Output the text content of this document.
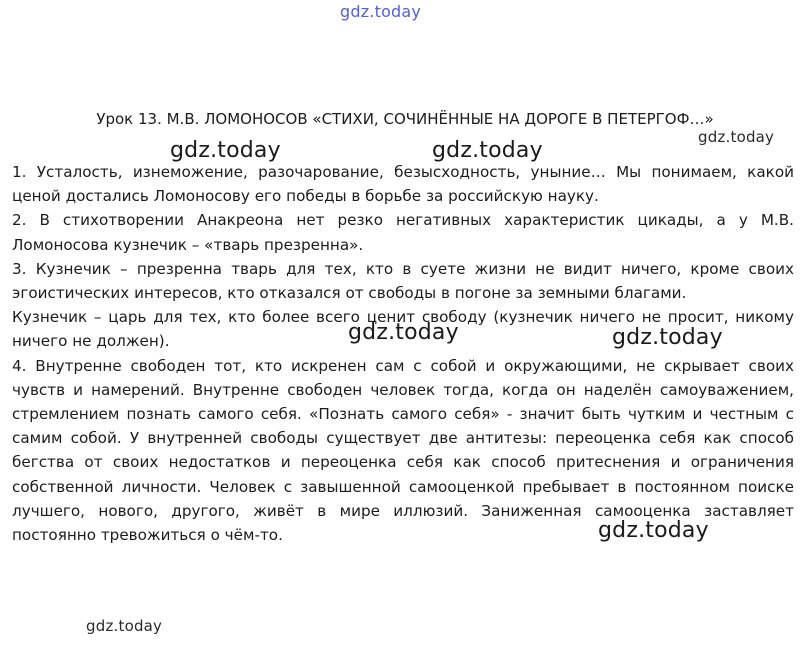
gdz.today
Урок 13. М.В. ЛОМОНОСОВ «СТИХИ, СОЧИНЁННЫЕ НА ДОРОГЕ В ПЕТЕРГОФ…»

1. Усталость, изнеможение, разочарование, безысходность, уныние… Мы понимаем, какой ценой достались Ломоносову его победы в борьбе за российскую науку.

2. В стихотворении Анакреона нет резко негативных характеристик цикады, а у М.В. Ломоносова кузнечик – «тварь презренна».

3. Кузнечик – презренна тварь для тех, кто в суете жизни не видит ничего, кроме своих эгоистических интересов, кто отказался от свободы в погоне за земными благами.

Кузнечик – царь для тех, кто более всего ценит свободу (кузнечик ничего не просит, никому ничего не должен).

4. Внутренне свободен тот, кто искренен сам с собой и окружающими, не скрывает своих чувств и намерений. Внутренне свободен человек тогда, когда он наделён самоуважением, стремлением познать самого себя. «Познать самого себя» - значит быть чутким и честным с самим собой. У внутренней свободы существует две антитезы: переоценка себя как способ бегства от своих недостатков и переоценка себя как способ притеснения и ограничения собственной личности. Человек с завышенной самооценкой пребывает в постоянном поиске лучшего, нового, другого, живёт в мире иллюзий. Заниженная самооценка заставляет постоянно тревожиться о чём-то.

gdz.today
gdz.today	gdz.today
gdz.today	gdz.today
gdz.today
gdz.today
